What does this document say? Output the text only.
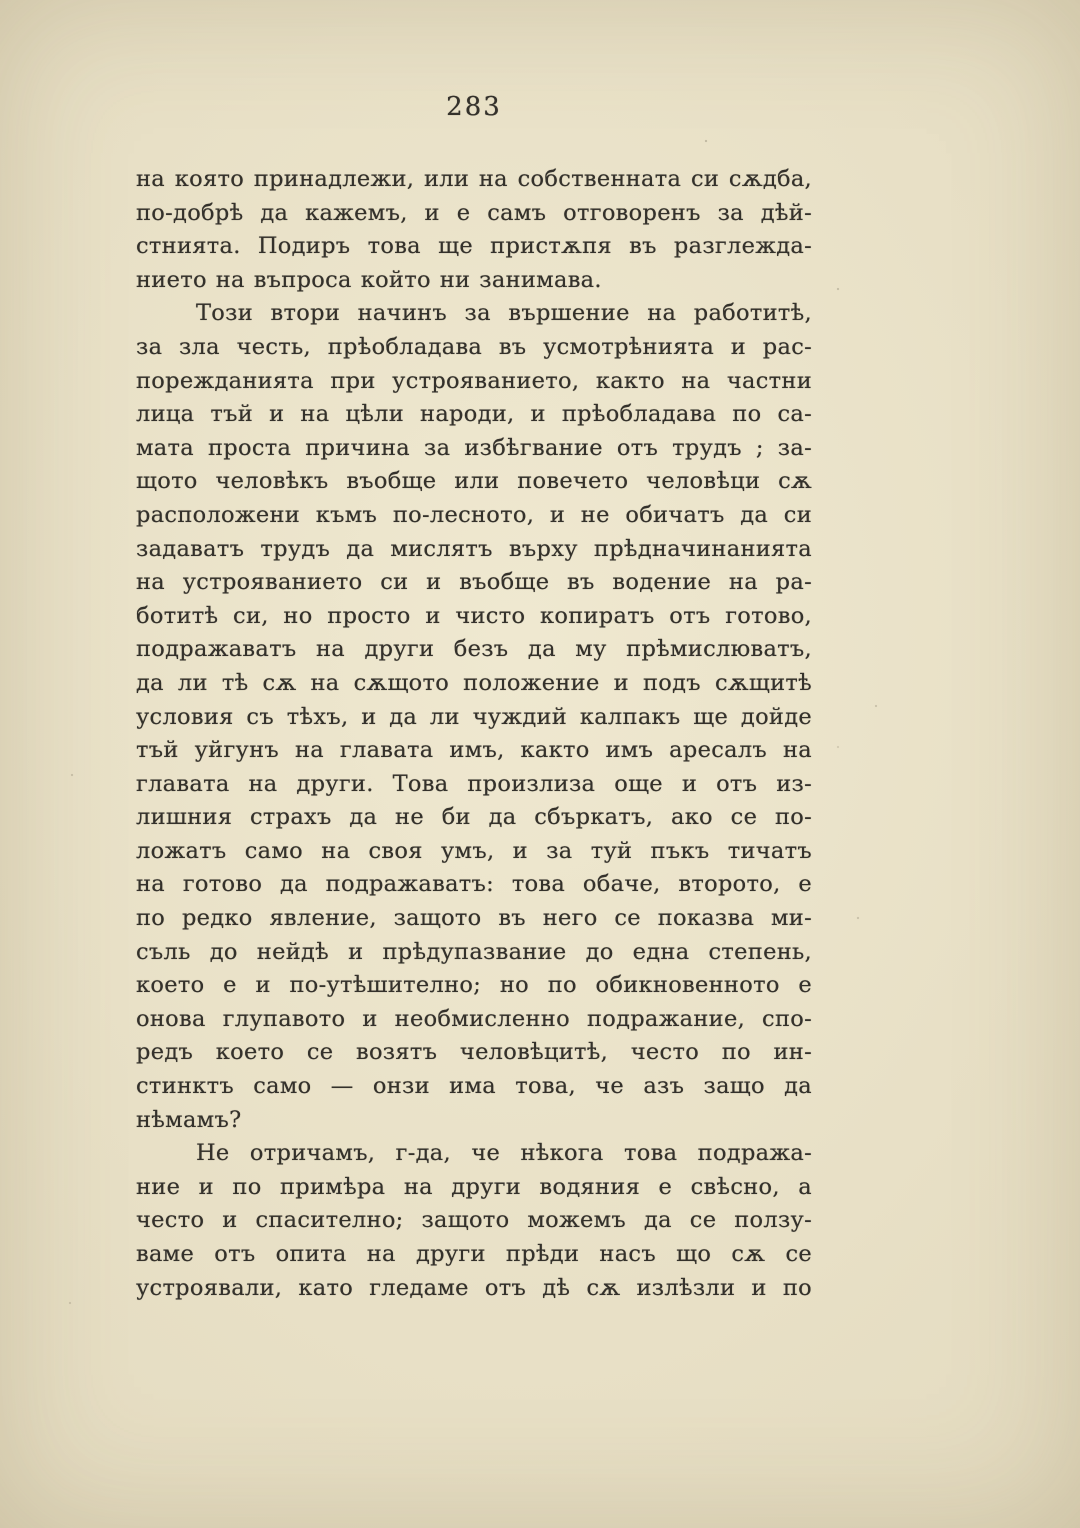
283
на която принадлежи, или на собственната си сѫдба,
по-добрѣ да кажемъ, и е самъ отговоренъ за дѣй-
стнията. Подиръ това ще пристѫпя въ разглежда-
нието на въпроса който ни занимава.
Този втори начинъ за вършение на работитѣ,
за зла честь, прѣобладава въ усмотрѣнията и рас-
порежданията при устрояванието, както на частни
лица тъй и на цѣли народи, и прѣобладава по са-
мата проста причина за избѣгвание отъ трудъ ; за-
щото человѣкъ въобще или повечето человѣци сѫ
расположени къмъ по-лесното, и не обичатъ да си
задаватъ трудъ да мислятъ върху прѣдначинанията
на устрояванието си и въобще въ водение на ра-
ботитѣ си, но просто и чисто копиратъ отъ готово,
подражаватъ на други безъ да му прѣмислюватъ,
да ли тѣ сѫ на сѫщото положение и подъ сѫщитѣ
условия съ тѣхъ, и да ли чуждий калпакъ ще дойде
тъй уйгунъ на главата имъ, както имъ аресалъ на
главата на други. Това произлиза още и отъ из-
лишния страхъ да не би да сбъркатъ, ако се по-
ложатъ само на своя умъ, и за туй пъкъ тичатъ
на готово да подражаватъ: това обаче, второто, е
по редко явление, защото въ него се показва ми-
съль до нейдѣ и прѣдупазвание до една степень,
което е и по-утѣшително; но по обикновенното е
онова глупавото и необмисленно подражание, спо-
редъ което се возятъ человѣцитѣ, често по ин-
стинктъ само — онзи има това, че азъ защо да
нѣмамъ?
Не отричамъ, г-да, че нѣкога това подража-
ние и по примѣра на други водяния е свѣсно, а
често и спасително; защото можемъ да се ползу-
ваме отъ опита на други прѣди насъ що сѫ се
устроявали, като гледаме отъ дѣ сѫ излѣзли и по
